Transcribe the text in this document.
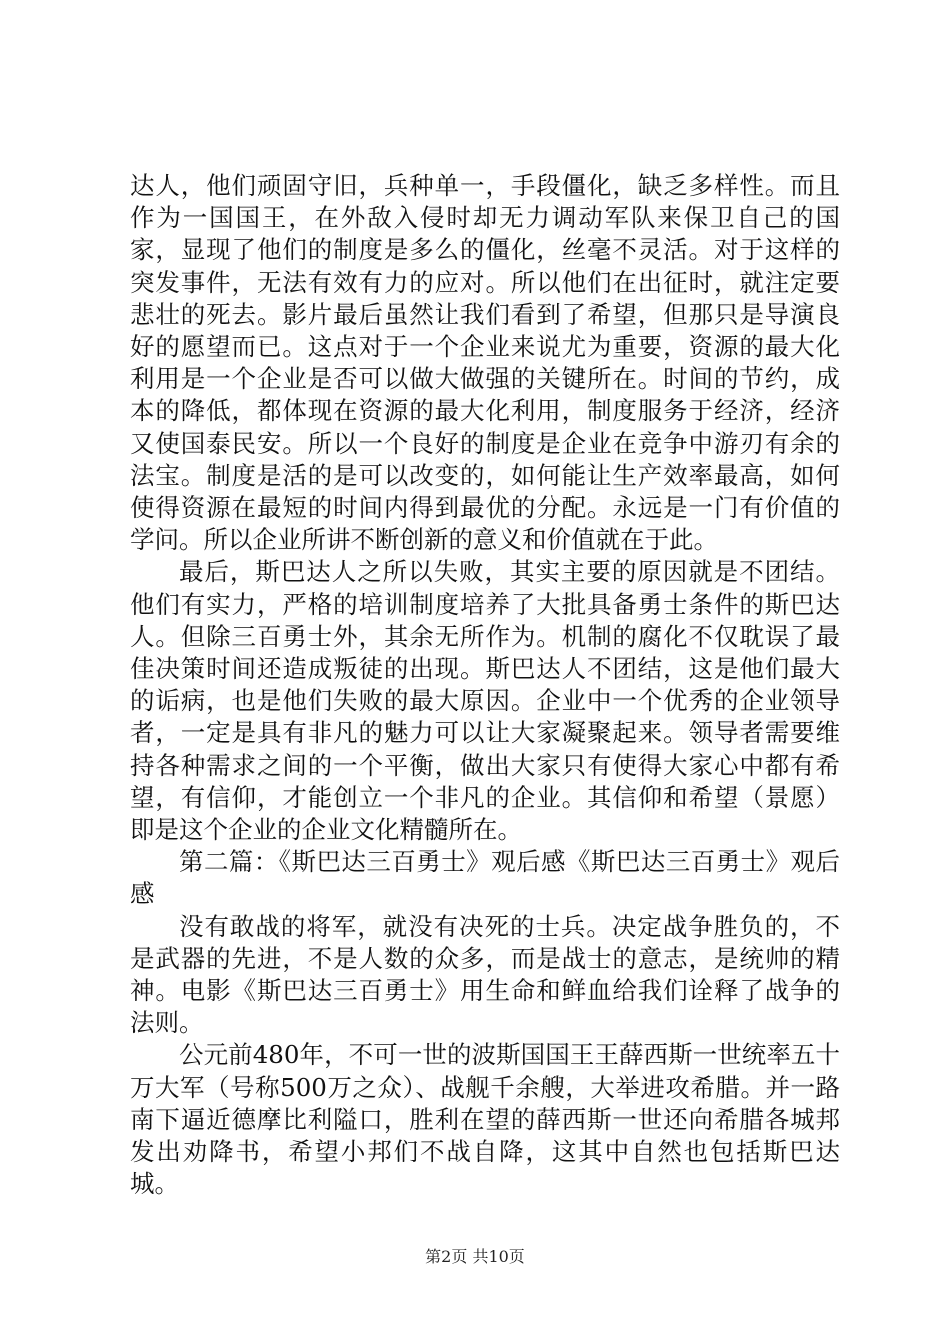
达人，他们顽固守旧，兵种单一，手段僵化，缺乏多样性。而且作为一国国王，在外敌入侵时却无力调动军队来保卫自己的国家，显现了他们的制度是多么的僵化，丝毫不灵活。对于这样的突发事件，无法有效有力的应对。所以他们在出征时，就注定要悲壮的死去。影片最后虽然让我们看到了希望，但那只是导演良好的愿望而已。这点对于一个企业来说尤为重要，资源的最大化利用是一个企业是否可以做大做强的关键所在。时间的节约，成本的降低，都体现在资源的最大化利用，制度服务于经济，经济又使国泰民安。所以一个良好的制度是企业在竞争中游刃有余的法宝。制度是活的是可以改变的，如何能让生产效率最高，如何使得资源在最短的时间内得到最优的分配。永远是一门有价值的学问。所以企业所讲不断创新的意义和价值就在于此。

最后，斯巴达人之所以失败，其实主要的原因就是不团结。他们有实力，严格的培训制度培养了大批具备勇士条件的斯巴达人。但除三百勇士外，其余无所作为。机制的腐化不仅耽误了最佳决策时间还造成叛徒的出现。斯巴达人不团结，这是他们最大的诟病，也是他们失败的最大原因。企业中一个优秀的企业领导者，一定是具有非凡的魅力可以让大家凝聚起来。领导者需要维持各种需求之间的一个平衡，做出大家只有使得大家心中都有希望，有信仰，才能创立一个非凡的企业。其信仰和希望（景愿）即是这个企业的企业文化精髓所在。

第二篇：《斯巴达三百勇士》观后感《斯巴达三百勇士》观后感

没有敢战的将军，就没有决死的士兵。决定战争胜负的，不是武器的先进，不是人数的众多，而是战士的意志，是统帅的精神。电影《斯巴达三百勇士》用生命和鲜血给我们诠释了战争的法则。

公元前480年，不可一世的波斯国国王王薛西斯一世统率五十万大军（号称500万之众）、战舰千余艘，大举进攻希腊。并一路南下逼近德摩比利隘口，胜利在望的薛西斯一世还向希腊各城邦发出劝降书，希望小邦们不战自降，这其中自然也包括斯巴达城。

第2页 共10页
